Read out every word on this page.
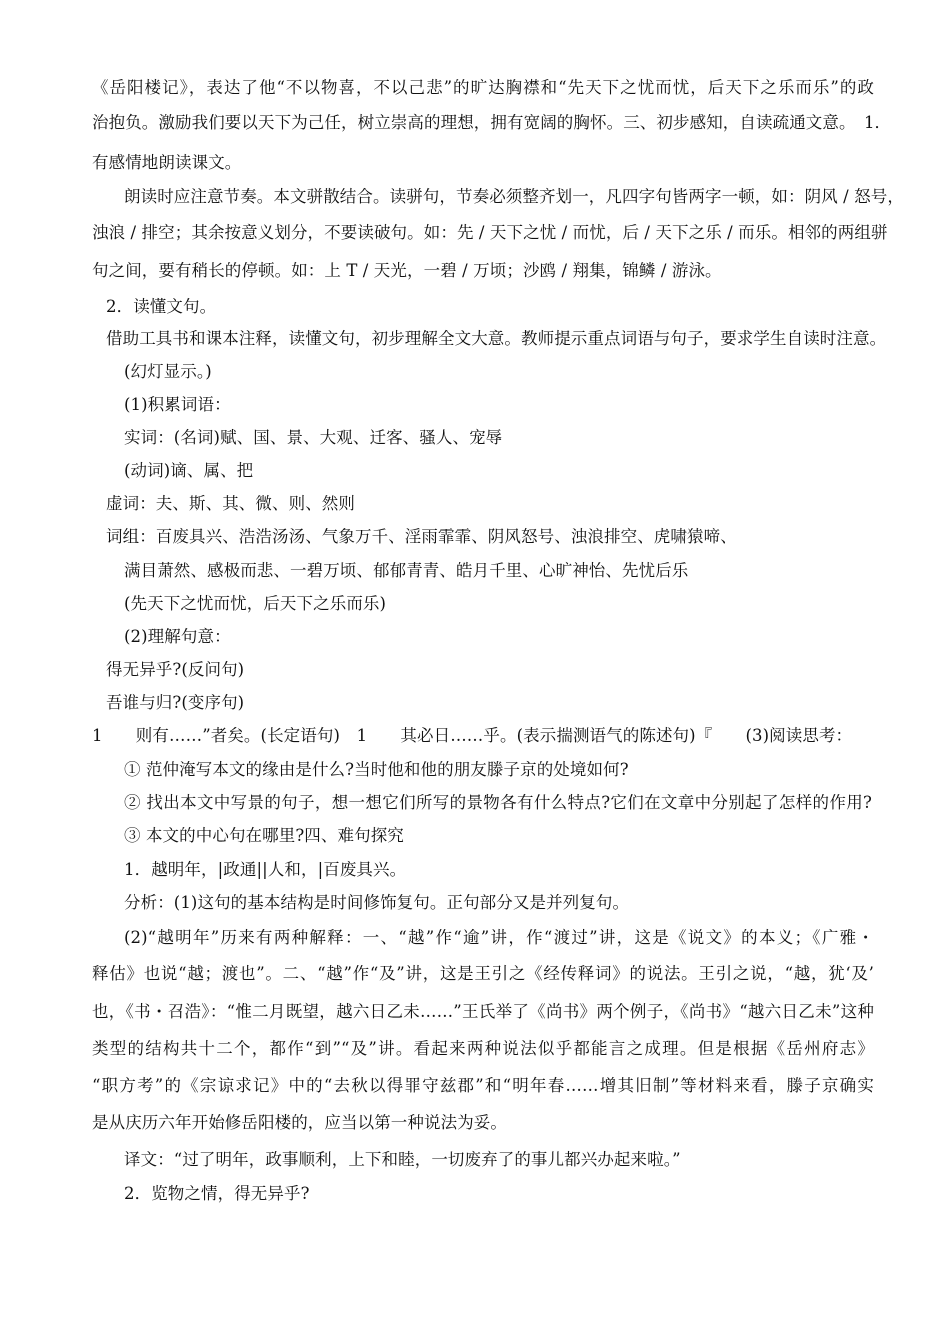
《岳阳楼记》，表达了他“不以物喜，不以己悲”的旷达胸襟和“先天下之忧而忧，后天下之乐而乐”的政
治抱负。激励我们要以天下为己任，树立崇高的理想，拥有宽阔的胸怀。三、初步感知，自读疏通文意。　1．
有感情地朗读课文。
朗读时应注意节奏。本文骈散结合。读骈句，节奏必须整齐划一，凡四字句皆两字一顿，如：阴风 / 怒号，
浊浪 / 排空；其余按意义划分，不要读破句。如：先 / 天下之忧 / 而忧，后 / 天下之乐 / 而乐。相邻的两组骈
句之间，要有稍长的停顿。如：上 T / 天光，一碧 / 万顷；沙鸥 / 翔集，锦鳞 / 游泳。
2．读懂文句。
借助工具书和课本注释，读懂文句，初步理解全文大意。教师提示重点词语与句子，要求学生自读时注意。
(幻灯显示。)
(1)积累词语：
实词：(名词)赋、国、景、大观、迁客、骚人、宠辱
(动词)谪、属、把
虚词：夫、斯、其、微、则、然则
词组：百废具兴、浩浩汤汤、气象万千、淫雨霏霏、阴风怒号、浊浪排空、虎啸猿啼、
满目萧然、感极而悲、一碧万顷、郁郁青青、皓月千里、心旷神怡、先忧后乐
(先天下之忧而忧，后天下之乐而乐)
(2)理解句意：
得无异乎?(反问句)
吾谁与归?(变序句)
1　　则有……”者矣。(长定语句)　1　　其必日……乎。(表示揣测语气的陈述句)『　　(3)阅读思考：
① 范仲淹写本文的缘由是什么?当时他和他的朋友滕子京的处境如何?
② 找出本文中写景的句子，想一想它们所写的景物各有什么特点?它们在文章中分别起了怎样的作用?
③ 本文的中心句在哪里?四、难句探究
1．越明年，|政通||人和，|百废具兴。
分析：(1)这句的基本结构是时间修饰复句。正句部分又是并列复句。
(2)“越明年”历来有两种解释：一、“越”作“逾”讲，作“渡过”讲，这是《说文》的本义；《广雅・
释估》也说“越；渡也”。二、“越”作“及”讲，这是王引之《经传释词》的说法。王引之说，“越，犹‘及’
也，《书・召浩》：“惟二月既望，越六日乙未……”王氏举了《尚书》两个例子，《尚书》“越六日乙未”这种
类型的结构共十二个，都作“到”“及”讲。看起来两种说法似乎都能言之成理。但是根据《岳州府志》
“职方考”的《宗谅求记》中的“去秋以得罪守兹郡”和“明年春……增其旧制”等材料来看，滕子京确实
是从庆历六年开始修岳阳楼的，应当以第一种说法为妥。
译文：“过了明年，政事顺利，上下和睦，一切废弃了的事儿都兴办起来啦。”
2．览物之情，得无异乎?
